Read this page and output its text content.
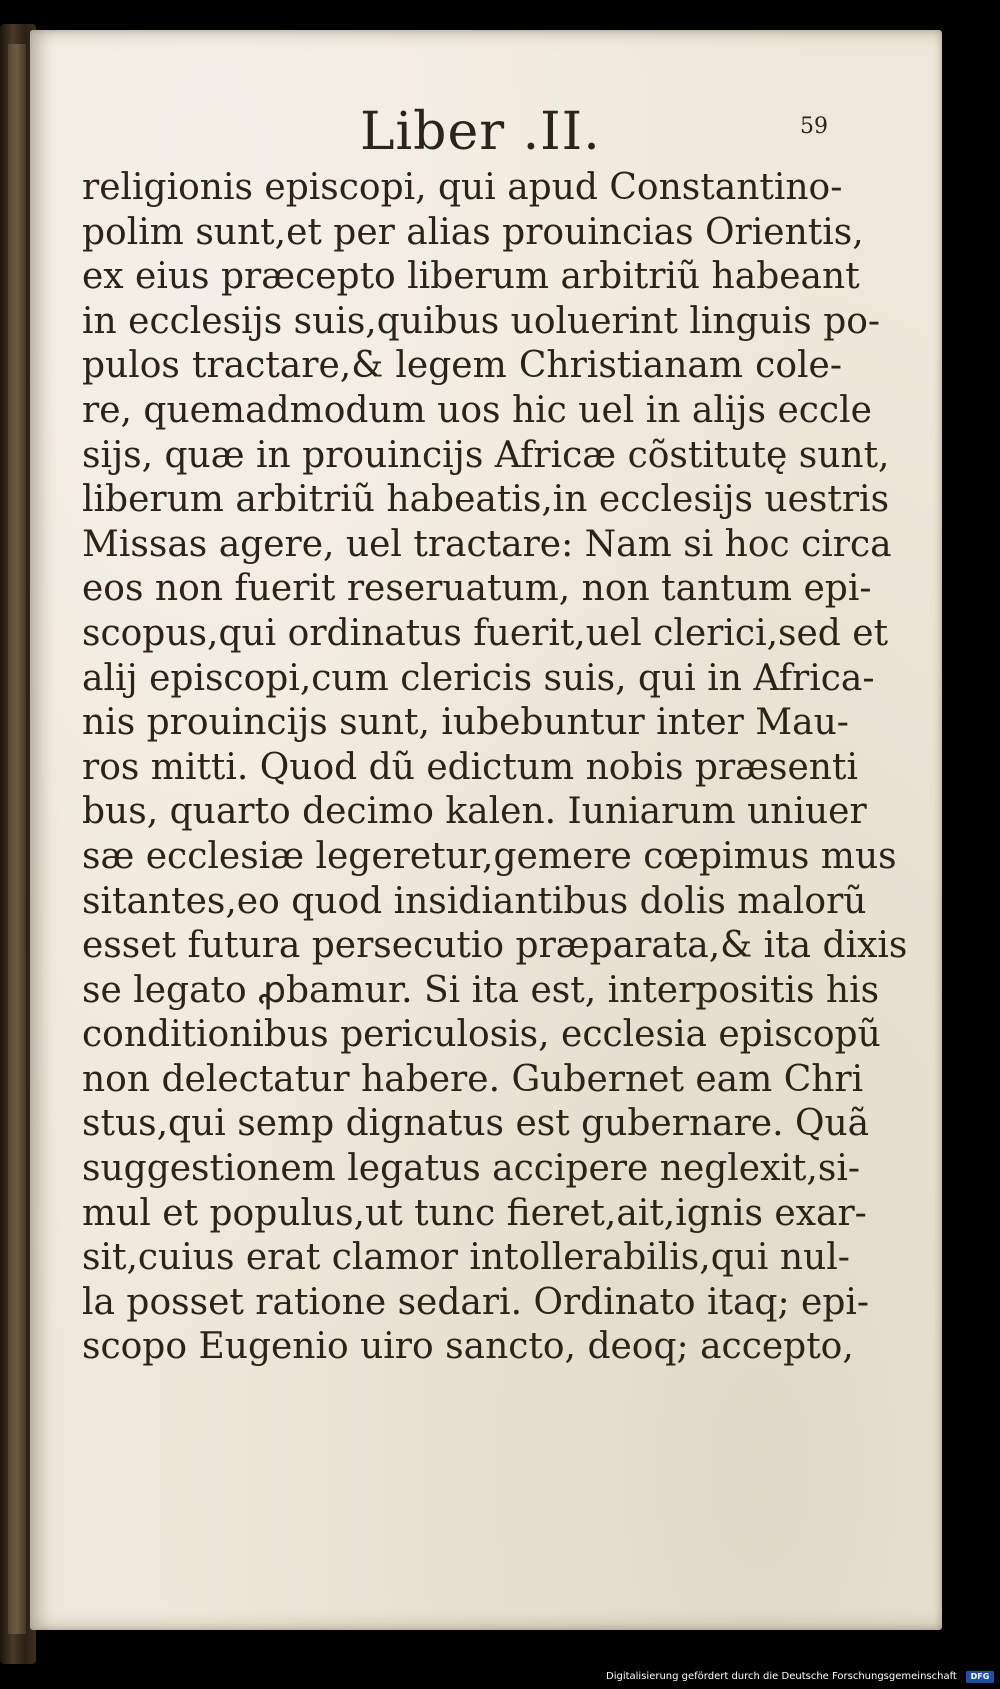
Liber .II.	59
religionis episcopi, qui apud Constantino-
polim sunt,et per alias prouincias Orientis,
ex eius præcepto liberum arbitriũ habeant
in ecclesijs suis,quibus uoluerint linguis po-
pulos tractare,& legem Christianam cole-
re, quemadmodum uos hic uel in alijs eccle
sijs, quæ in prouincijs Africæ cõstitutę sunt,
liberum arbitriũ habeatis,in ecclesijs uestris
Missas agere, uel tractare: Nam si hoc circa
eos non fuerit reseruatum, non tantum epi-
scopus,qui ordinatus fuerit,uel clerici,sed et
alij episcopi,cum clericis suis, qui in Africa-
nis prouincijs sunt, iubebuntur inter Mau-
ros mitti. Quod dũ edictum nobis præsenti
bus, quarto decimo kalen. Iuniarum uniuer
sæ ecclesiæ legeretur,gemere cœpimus mus
sitantes,eo quod insidiantibus dolis malorũ
esset futura persecutio præparata,& ita dixis
se legato ꝓbamur. Si ita est, interpositis his
conditionibus periculosis, ecclesia episcopũ
non delectatur habere. Gubernet eam Chri
stus,qui semp dignatus est gubernare. Quã
suggestionem legatus accipere neglexit,si-
mul et populus,ut tunc fieret,ait,ignis exar-
sit,cuius erat clamor intollerabilis,qui nul-
la posset ratione sedari. Ordinato itaq; epi-
scopo Eugenio uiro sancto, deoq; accepto,
Digitalisierung gefördert durch die Deutsche Forschungsgemeinschaft	DFG
